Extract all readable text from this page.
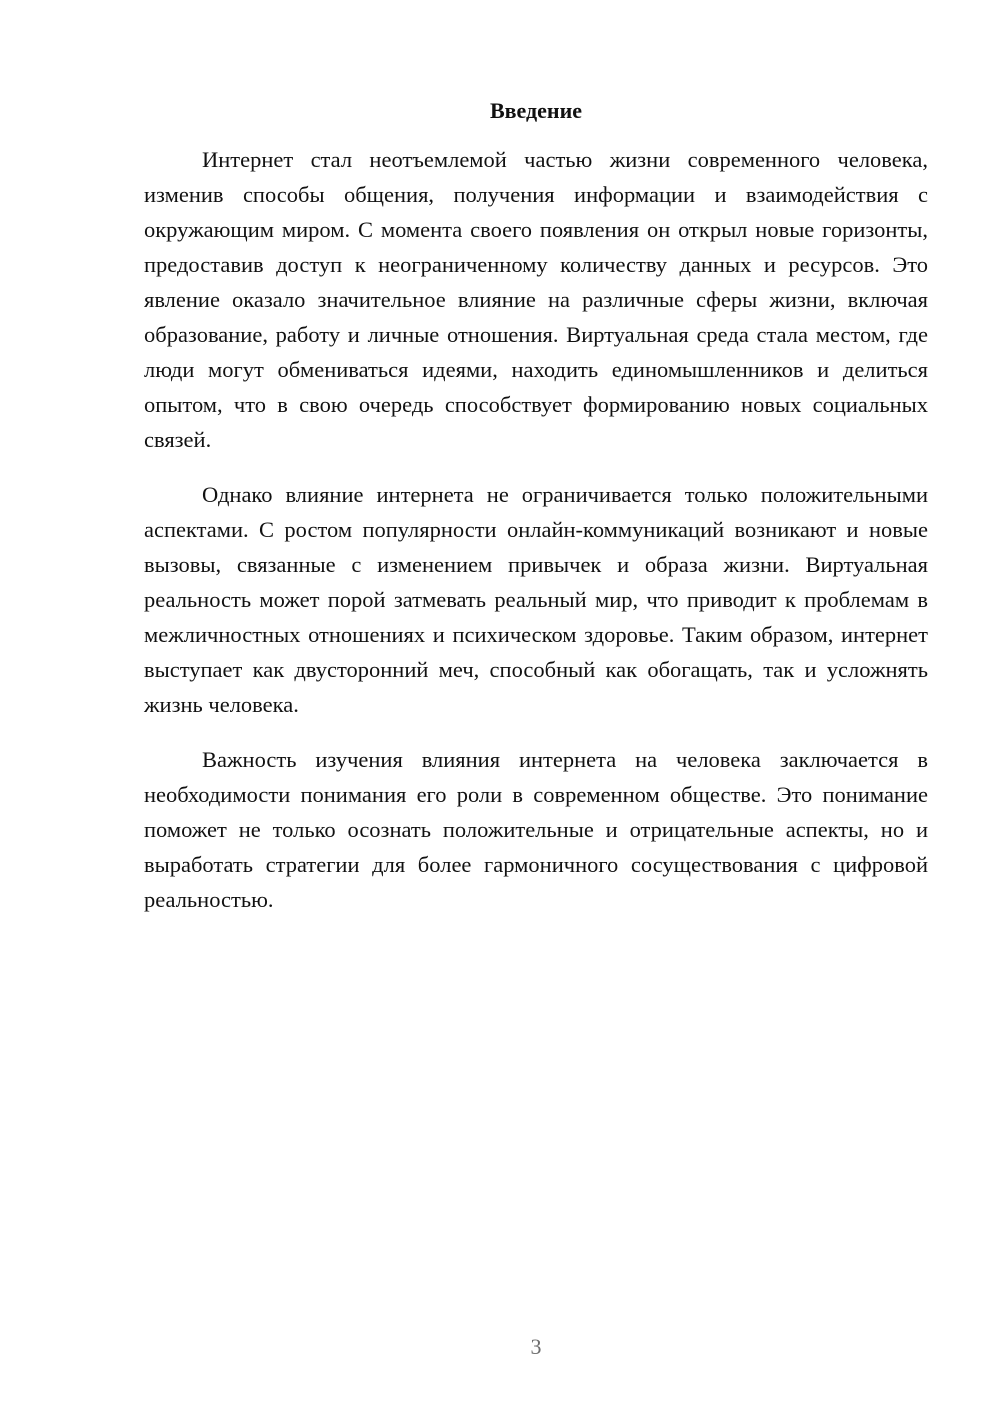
Введение

Интернет стал неотъемлемой частью жизни современного человека, изменив способы общения, получения информации и взаимодействия с окружающим миром. С момента своего появления он открыл новые горизонты, предоставив доступ к неограниченному количеству данных и ресурсов. Это явление оказало значительное влияние на различные сферы жизни, включая образование, работу и личные отношения. Виртуальная среда стала местом, где люди могут обмениваться идеями, находить единомышленников и делиться опытом, что в свою очередь способствует формированию новых социальных связей.

Однако влияние интернета не ограничивается только положительными аспектами. С ростом популярности онлайн-коммуникаций возникают и новые вызовы, связанные с изменением привычек и образа жизни. Виртуальная реальность может порой затмевать реальный мир, что приводит к проблемам в межличностных отношениях и психическом здоровье. Таким образом, интернет выступает как двусторонний меч, способный как обогащать, так и усложнять жизнь человека.

Важность изучения влияния интернета на человека заключается в необходимости понимания его роли в современном обществе. Это понимание поможет не только осознать положительные и отрицательные аспекты, но и выработать стратегии для более гармоничного сосуществования с цифровой реальностью.

3
